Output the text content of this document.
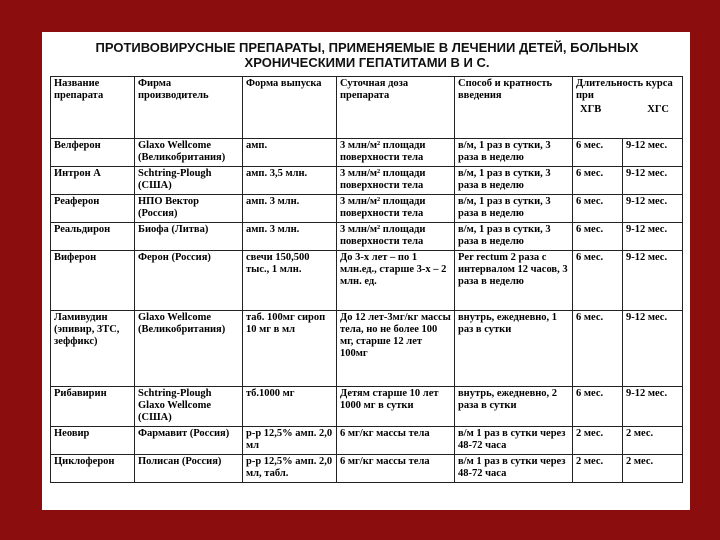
ПРОТИВОВИРУСНЫЕ ПРЕПАРАТЫ, ПРИМЕНЯЕМЫЕ В ЛЕЧЕНИИ ДЕТЕЙ, БОЛЬНЫХ
ХРОНИЧЕСКИМИ ГЕПАТИТАМИ В И С.
Название препарата	Фирма производитель	Форма выпуска	Суточная доза препарата	Способ и кратность введения	Длительность курса при
ХГВ ХГС	

Велферон	Glaxo Wellcome (Великобритания)	амп.	3 млн/м² площади поверхности тела	в/м, 1 раз в сутки, 3 раза в неделю	6 мес.	9-12 мес.
Интрон А	Schtring-Plough (США)	амп. 3,5 млн.	3 млн/м² площади поверхности тела	в/м, 1 раз в сутки, 3 раза в неделю	6 мес.	9-12 мес.
Реаферон	НПО Вектор (Россия)	амп. 3 млн.	3 млн/м² площади поверхности тела	в/м, 1 раз в сутки, 3 раза в неделю	6 мес.	9-12 мес.
Реальдирон	Биофа (Литва)	амп. 3 млн.	3 млн/м² площади поверхности тела	в/м, 1 раз в сутки, 3 раза в неделю	6 мес.	9-12 мес.
Виферон	Ферон (Россия)	свечи 150,500 тыс., 1 млн.	До 3-х лет – по 1 млн.ед., старше 3-х – 2 млн. ед.	Per rectum 2 раза с интервалом 12 часов, 3 раза в неделю	6 мес.	9-12 мес.
Ламивудин (эпивир, 3TC, зеффикс)	Glaxo Wellcome (Великобритания)	таб. 100мг сироп 10 мг в мл	До 12 лет-3мг/кг массы тела, но не более 100 мг, старше 12 лет 100мг	внутрь, ежедневно, 1 раз в сутки	6 мес.	9-12 мес.
Рибавирин	Schtring-Plough Glaxo Wellcome (США)	тб.1000 мг	Детям старше 10 лет 1000 мг в сутки	внутрь, ежедневно, 2 раза в сутки	6 мес.	9-12 мес.
Неовир	Фармавит (Россия)	р-р 12,5% амп. 2,0 мл	6 мг/кг массы тела	в/м 1 раз в сутки через 48-72 часа	2 мес.	2 мес.
Циклоферон	Полисан (Россия)	р-р 12,5% амп. 2,0 мл, табл.	6 мг/кг массы тела	в/м 1 раз в сутки через 48-72 часа	2 мес.	2 мес.
